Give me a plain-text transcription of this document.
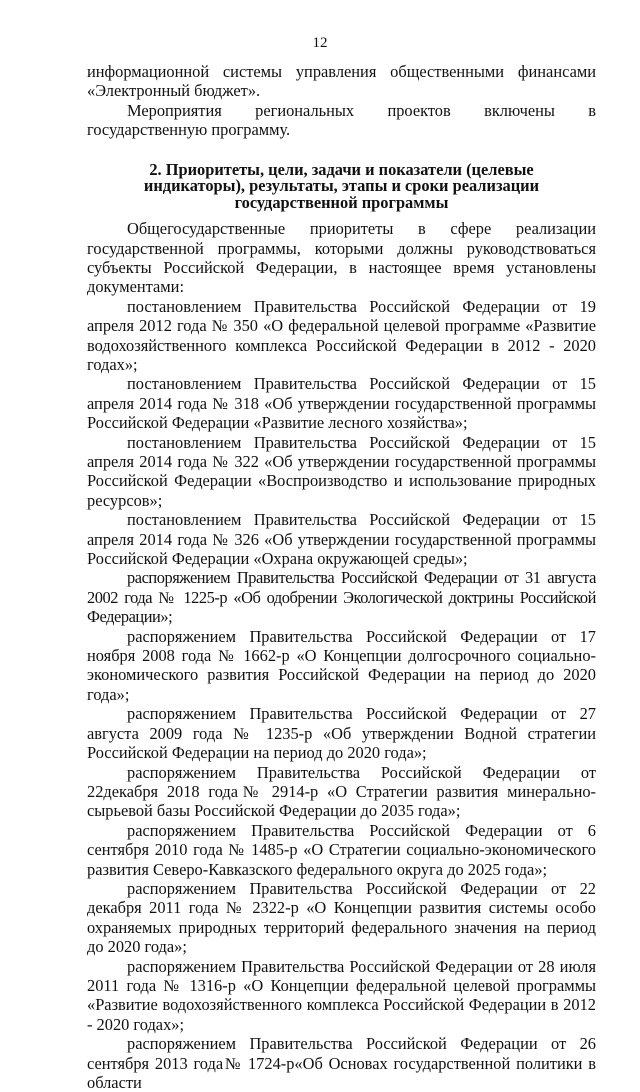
12

информационной системы управления общественными финансами «Электронный бюджет».

Мероприятия региональных проектов включены в государственную программу.

2. Приоритеты, цели, задачи и показатели (целевые индикаторы), результаты, этапы и сроки реализации государственной программы

Общегосударственные приоритеты в сфере реализации государственной программы, которыми должны руководствоваться субъекты Российской Федерации, в настоящее время установлены документами:

постановлением Правительства Российской Федерации от 19 апреля 2012 года № 350 «О федеральной целевой программе «Развитие водохозяйственного комплекса Российской Федерации в 2012 - 2020 годах»;

постановлением Правительства Российской Федерации от 15 апреля 2014 года № 318 «Об утверждении государственной программы Российской Федерации «Развитие лесного хозяйства»;

постановлением Правительства Российской Федерации от 15 апреля 2014 года № 322 «Об утверждении государственной программы Российской Федерации «Воспроизводство и использование природных ресурсов»;

постановлением Правительства Российской Федерации от 15 апреля 2014 года № 326 «Об утверждении государственной программы Российской Федерации «Охрана окружающей среды»;

распоряжением Правительства Российской Федерации от 31 августа 2002 года № 1225-р «Об одобрении Экологической доктрины Российской Федерации»;

распоряжением Правительства Российской Федерации от 17 ноября 2008 года № 1662-р «О Концепции долгосрочного социально-экономического развития Российской Федерации на период до 2020 года»;

распоряжением Правительства Российской Федерации от 27 августа 2009 года № 1235-р «Об утверждении Водной стратегии Российской Федерации на период до 2020 года»;

распоряжением Правительства Российской Федерации от 22декабря 2018 года№ 2914-р «О Стратегии развития минерально-сырьевой базы Российской Федерации до 2035 года»;

распоряжением Правительства Российской Федерации от 6 сентября 2010 года № 1485-р «О Стратегии социально-экономического развития Северо-Кавказского федерального округа до 2025 года»;

распоряжением Правительства Российской Федерации от 22 декабря 2011 года № 2322-р «О Концепции развития системы особо охраняемых природных территорий федерального значения на период до 2020 года»;

распоряжением Правительства Российской Федерации от 28 июля 2011 года № 1316-р «О Концепции федеральной целевой программы «Развитие водохозяйственного комплекса Российской Федерации в 2012 - 2020 годах»;

распоряжением Правительства Российской Федерации от 26 сентября 2013 года№ 1724-р«Об Основах государственной политики в области
